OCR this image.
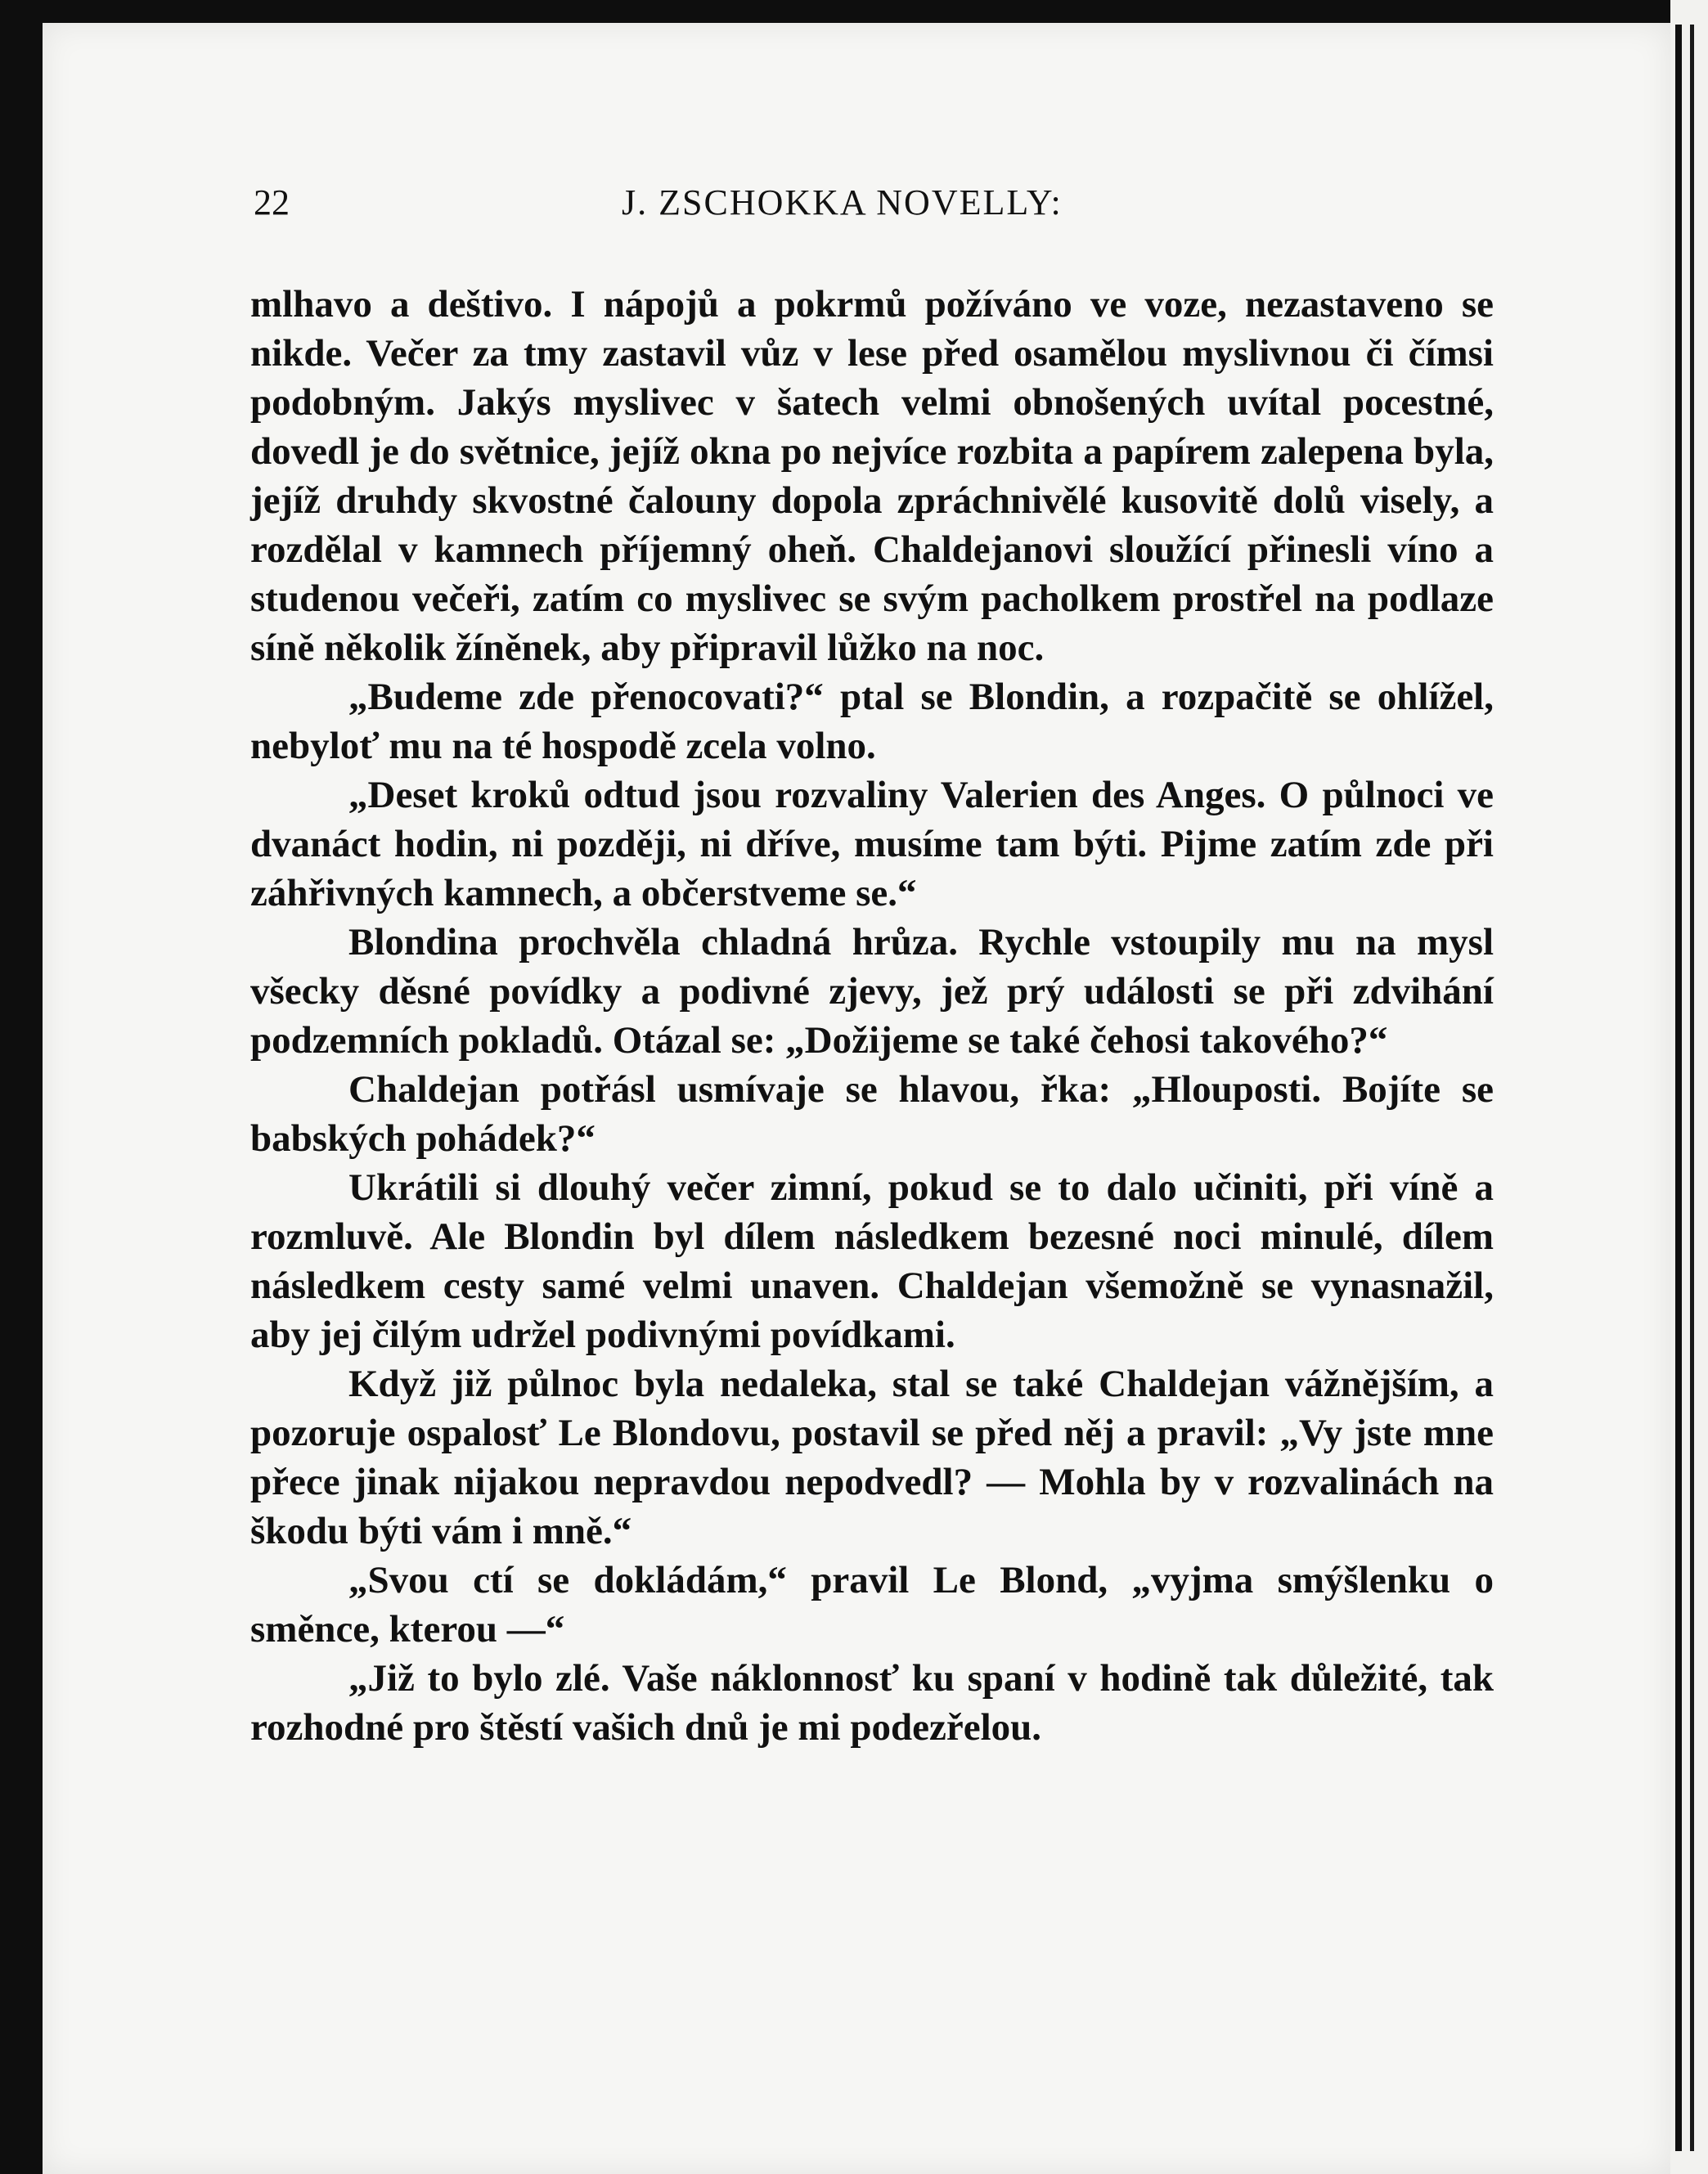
22	J. ZSCHOKKA NOVELLY:

mlhavo a deštivo. I nápojů a pokrmů požíváno ve voze, nezastaveno se nikde. Večer za tmy zastavil vůz v lese před osamělou myslivnou či čímsi podobným. Jakýs myslivec v šatech velmi obnošených uvítal pocestné, dovedl je do světnice, jejíž okna po nejvíce rozbita a papírem zalepena byla, jejíž druhdy skvostné čalouny dopola zpráchnivělé kusovitě dolů visely, a rozdělal v kamnech příjemný oheň. Chaldejanovi sloužící přinesli víno a studenou večeři, zatím co myslivec se svým pacholkem prostřel na podlaze síně několik žíněnek, aby připravil lůžko na noc.

„Budeme zde přenocovati?“ ptal se Blondin, a rozpačitě se ohlížel, nebyloť mu na té hospodě zcela volno.

„Deset kroků odtud jsou rozvaliny Valerien des Anges. O půlnoci ve dvanáct hodin, ni později, ni dříve, musíme tam býti. Pijme zatím zde při záhřivných kamnech, a občerstveme se.“

Blondina prochvěla chladná hrůza. Rychle vstoupily mu na mysl všecky děsné povídky a podivné zjevy, jež prý události se při zdvihání podzemních pokladů. Otázal se: „Dožijeme se také čehosi takového?“

Chaldejan potřásl usmívaje se hlavou, řka: „Hlouposti. Bojíte se babských pohádek?“

Ukrátili si dlouhý večer zimní, pokud se to dalo učiniti, při víně a rozmluvě. Ale Blondin byl dílem následkem bezesné noci minulé, dílem následkem cesty samé velmi unaven. Chaldejan všemožně se vynasnažil, aby jej čilým udržel podivnými povídkami.

Když již půlnoc byla nedaleka, stal se také Chaldejan vážnějším, a pozoruje ospalosť Le Blondovu, postavil se před něj a pravil: „Vy jste mne přece jinak nijakou nepravdou nepodvedl? — Mohla by v rozvalinách na škodu býti vám i mně.“

„Svou ctí se dokládám,“ pravil Le Blond, „vyjma smýšlenku o směnce, kterou —“

„Již to bylo zlé. Vaše náklonnosť ku spaní v hodině tak důležité, tak rozhodné pro štěstí vašich dnů je mi podezřelou.
